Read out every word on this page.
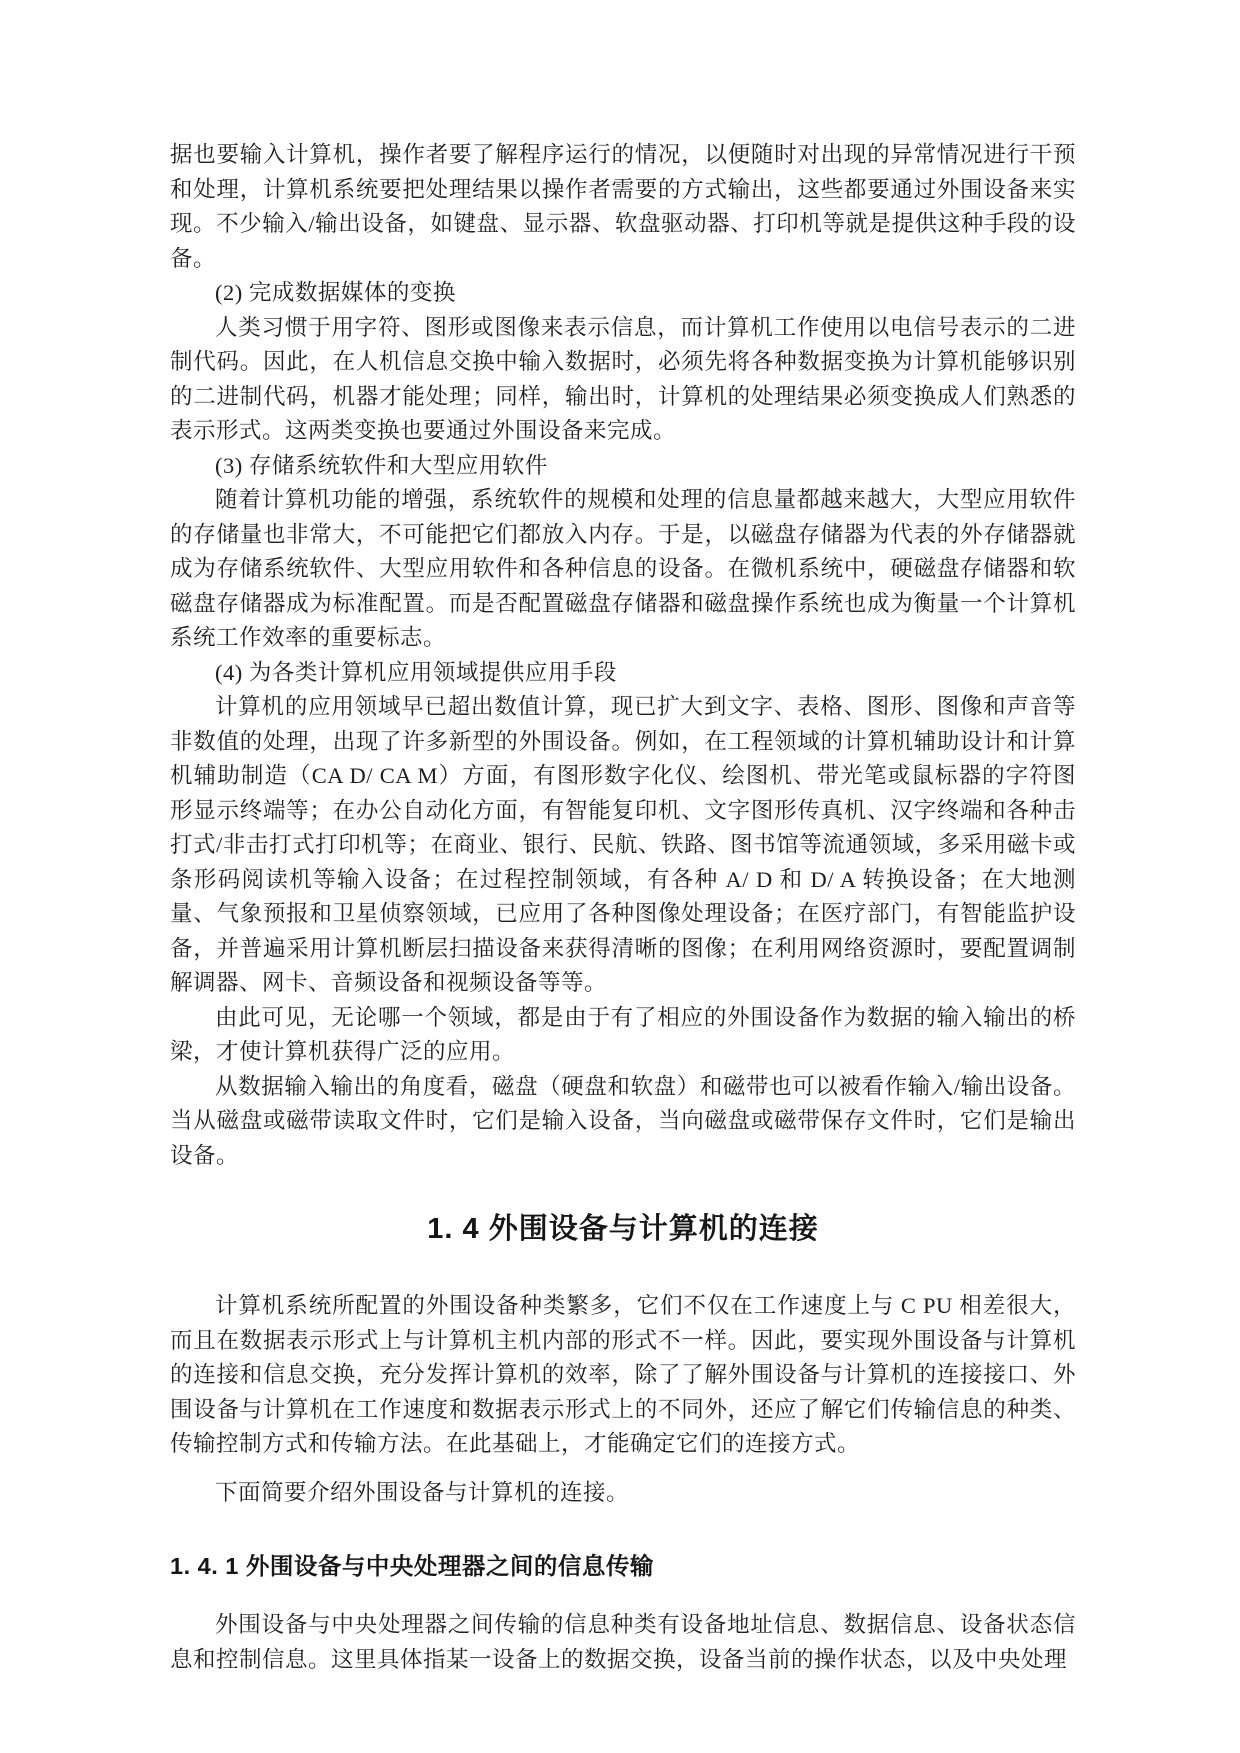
据也要输入计算机，操作者要了解程序运行的情况，以便随时对出现的异常情况进行干预和处理，计算机系统要把处理结果以操作者需要的方式输出，这些都要通过外围设备来实现。不少输入/输出设备，如键盘、显示器、软盘驱动器、打印机等就是提供这种手段的设备。

(2) 完成数据媒体的变换

人类习惯于用字符、图形或图像来表示信息，而计算机工作使用以电信号表示的二进制代码。因此，在人机信息交换中输入数据时，必须先将各种数据变换为计算机能够识别的二进制代码，机器才能处理；同样，输出时，计算机的处理结果必须变换成人们熟悉的表示形式。这两类变换也要通过外围设备来完成。

(3) 存储系统软件和大型应用软件

随着计算机功能的增强，系统软件的规模和处理的信息量都越来越大，大型应用软件的存储量也非常大，不可能把它们都放入内存。于是，以磁盘存储器为代表的外存储器就成为存储系统软件、大型应用软件和各种信息的设备。在微机系统中，硬磁盘存储器和软磁盘存储器成为标准配置。而是否配置磁盘存储器和磁盘操作系统也成为衡量一个计算机系统工作效率的重要标志。

(4) 为各类计算机应用领域提供应用手段

计算机的应用领域早已超出数值计算，现已扩大到文字、表格、图形、图像和声音等非数值的处理，出现了许多新型的外围设备。例如，在工程领域的计算机辅助设计和计算机辅助制造（CA D/ CA M）方面，有图形数字化仪、绘图机、带光笔或鼠标器的字符图形显示终端等；在办公自动化方面，有智能复印机、文字图形传真机、汉字终端和各种击打式/非击打式打印机等；在商业、银行、民航、铁路、图书馆等流通领域，多采用磁卡或条形码阅读机等输入设备；在过程控制领域，有各种 A/ D 和 D/ A 转换设备；在大地测量、气象预报和卫星侦察领域，已应用了各种图像处理设备；在医疗部门，有智能监护设备，并普遍采用计算机断层扫描设备来获得清晰的图像；在利用网络资源时，要配置调制解调器、网卡、音频设备和视频设备等等。

由此可见，无论哪一个领域，都是由于有了相应的外围设备作为数据的输入输出的桥梁，才使计算机获得广泛的应用。

从数据输入输出的角度看，磁盘（硬盘和软盘）和磁带也可以被看作输入/输出设备。当从磁盘或磁带读取文件时，它们是输入设备，当向磁盘或磁带保存文件时，它们是输出设备。

1. 4 外围设备与计算机的连接

计算机系统所配置的外围设备种类繁多，它们不仅在工作速度上与 C PU 相差很大，而且在数据表示形式上与计算机主机内部的形式不一样。因此，要实现外围设备与计算机的连接和信息交换，充分发挥计算机的效率，除了了解外围设备与计算机的连接接口、外围设备与计算机在工作速度和数据表示形式上的不同外，还应了解它们传输信息的种类、传输控制方式和传输方法。在此基础上，才能确定它们的连接方式。

下面简要介绍外围设备与计算机的连接。

1. 4. 1 外围设备与中央处理器之间的信息传输

外围设备与中央处理器之间传输的信息种类有设备地址信息、数据信息、设备状态信息和控制信息。这里具体指某一设备上的数据交换，设备当前的操作状态，以及中央处理
